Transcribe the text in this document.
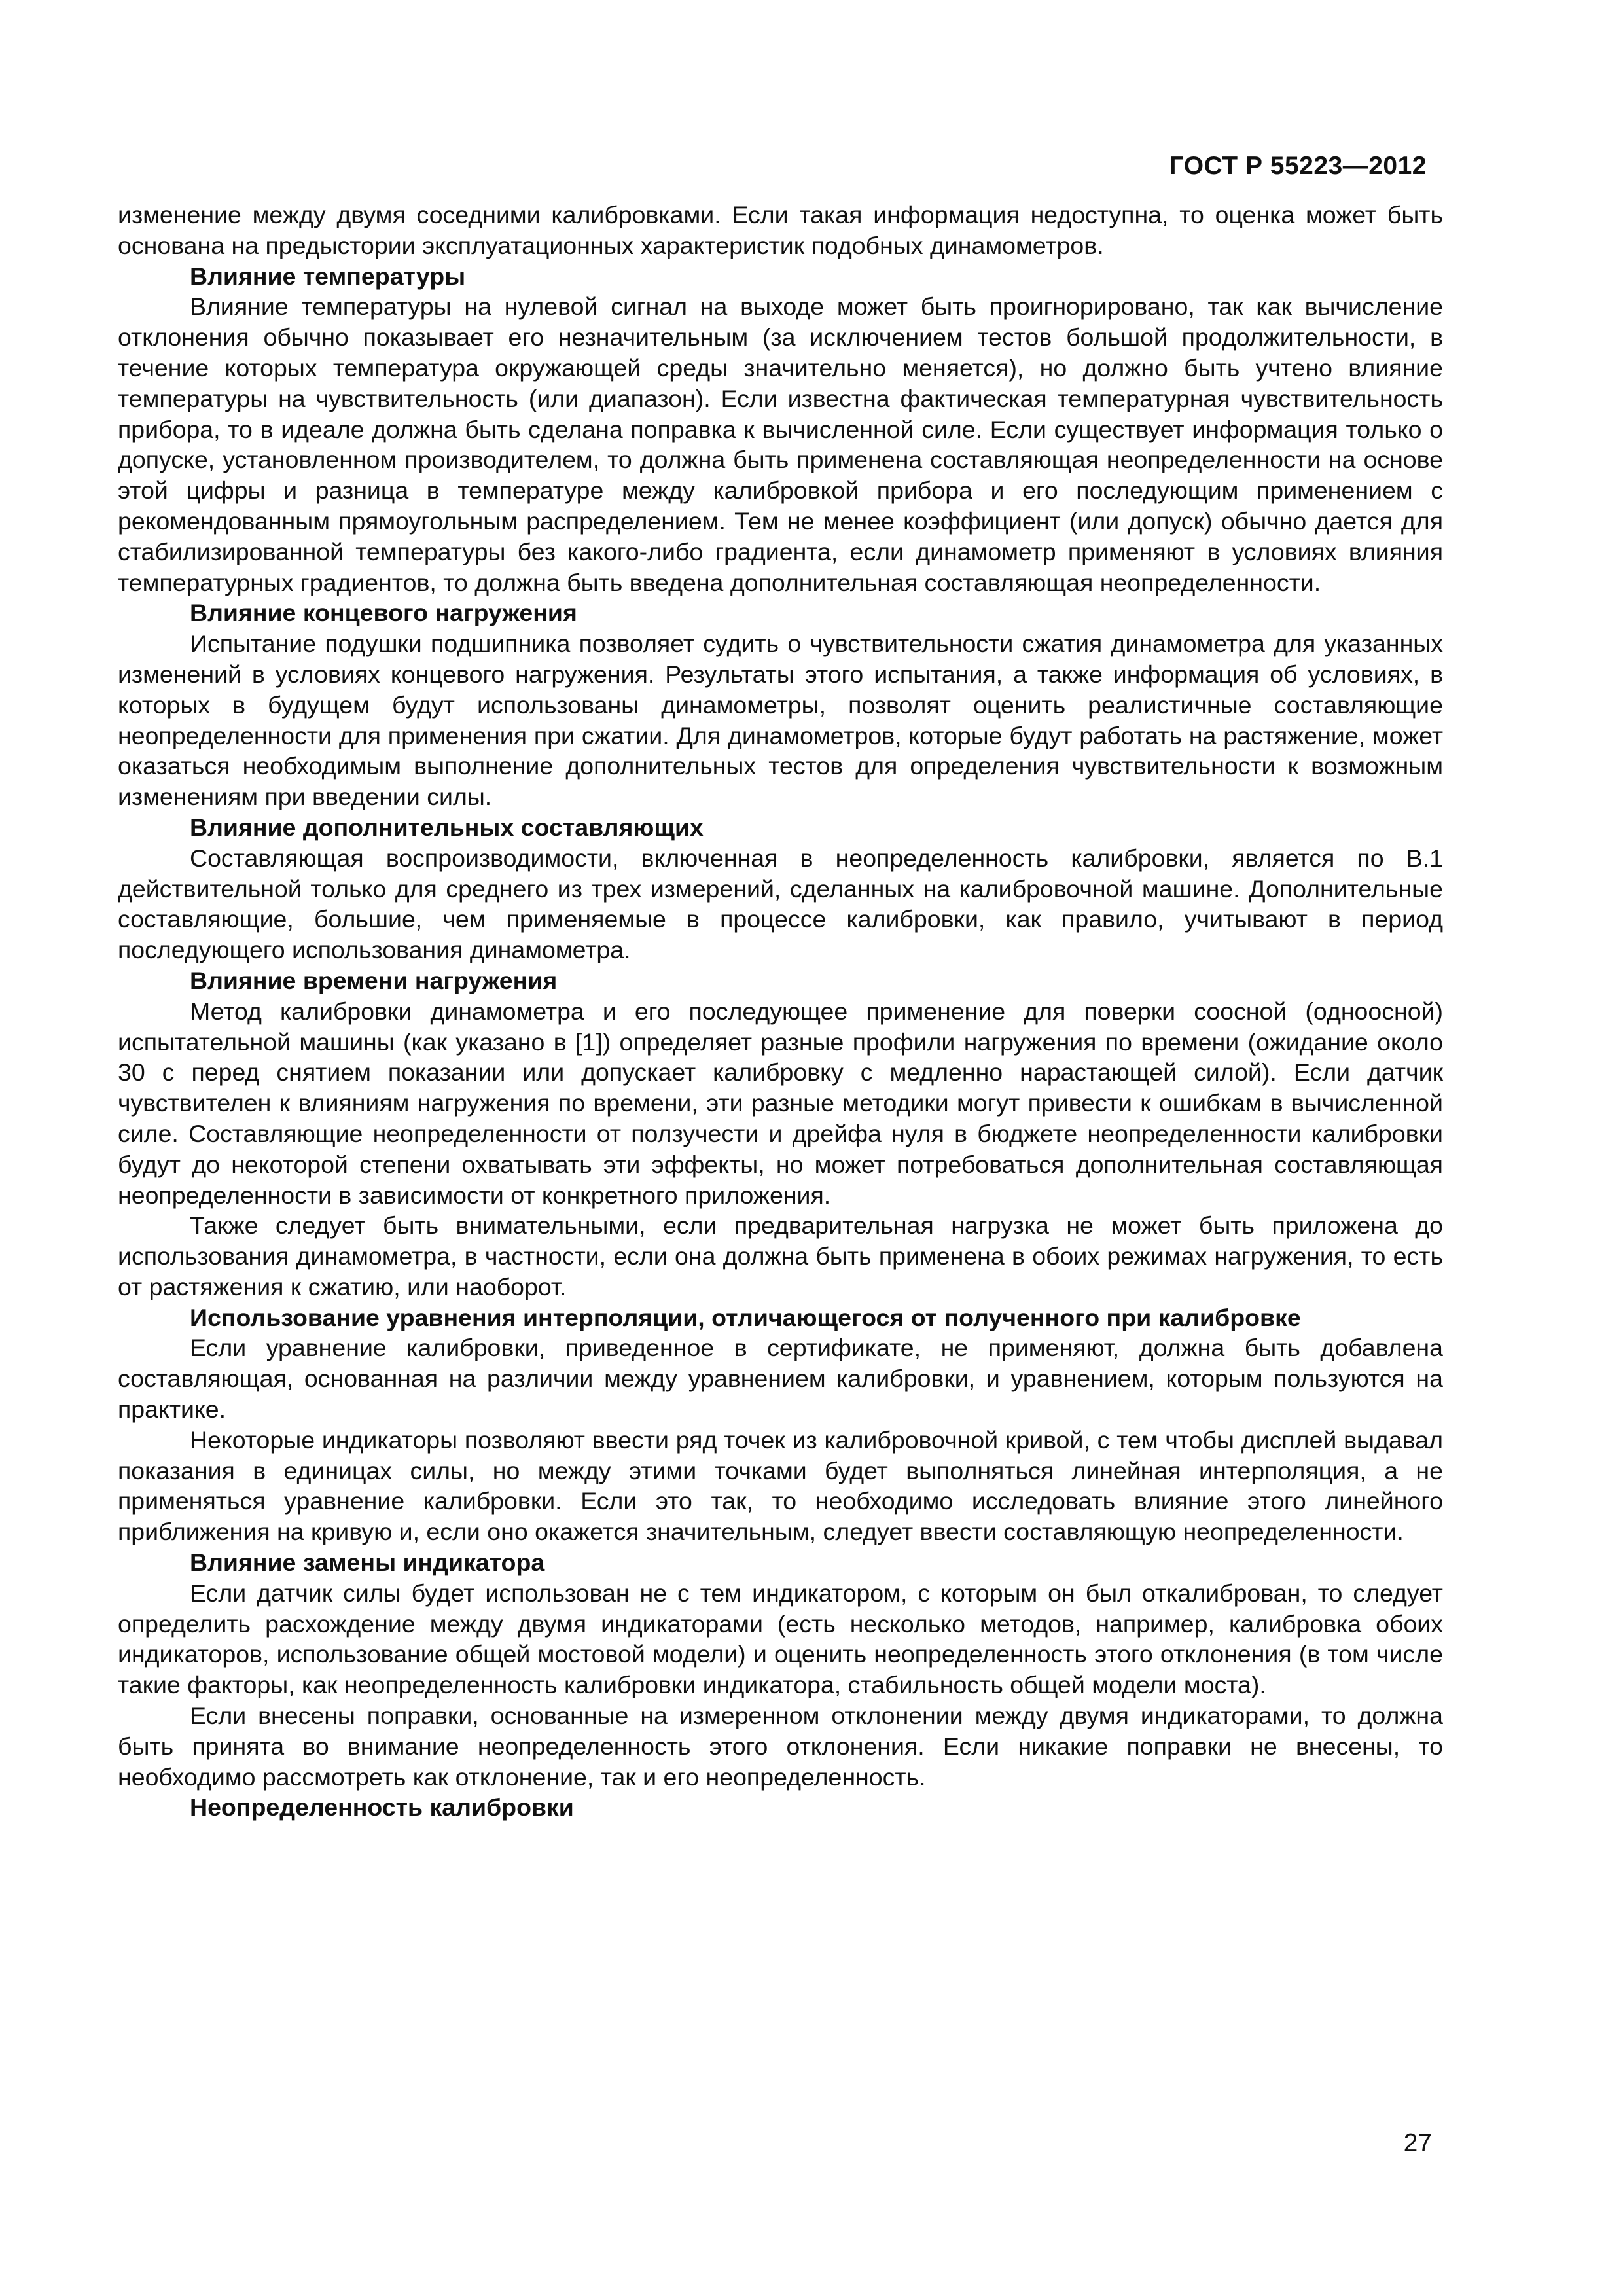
ГОСТ Р 55223—2012

изменение между двумя соседними калибровками. Если такая информация недоступна, то оценка может быть основана на предыстории эксплуатационных характеристик подобных динамометров.

Влияние температуры

Влияние температуры на нулевой сигнал на выходе может быть проигнорировано, так как вычисление отклонения обычно показывает его незначительным (за исключением тестов большой продолжительности, в течение которых температура окружающей среды значительно меняется), но должно быть учтено влияние температуры на чувствительность (или диапазон). Если известна фактическая температурная чувствительность прибора, то в идеале должна быть сделана поправка к вычисленной силе. Если существует информация только о допуске, установленном производителем, то должна быть применена составляющая неопределенности на основе этой цифры и разница в температуре между калибровкой прибора и его последующим применением с рекомендованным прямоугольным распределением. Тем не менее коэффициент (или допуск) обычно дается для стабилизированной температуры без какого-либо градиента, если динамометр применяют в условиях влияния температурных градиентов, то должна быть введена дополнительная составляющая неопределенности.

Влияние концевого нагружения

Испытание подушки подшипника позволяет судить о чувствительности сжатия динамометра для указанных изменений в условиях концевого нагружения. Результаты этого испытания, а также информация об условиях, в которых в будущем будут использованы динамометры, позволят оценить реалистичные составляющие неопределенности для применения при сжатии. Для динамометров, которые будут работать на растяжение, может оказаться необходимым выполнение дополнительных тестов для определения чувствительности к возможным изменениям при введении силы.

Влияние дополнительных составляющих

Составляющая воспроизводимости, включенная в неопределенность калибровки, является по В.1 действительной только для среднего из трех измерений, сделанных на калибровочной машине. Дополнительные составляющие, большие, чем применяемые в процессе калибровки, как правило, учитывают в период последующего использования динамометра.

Влияние времени нагружения

Метод калибровки динамометра и его последующее применение для поверки соосной (одноосной) испытательной машины (как указано в [1]) определяет разные профили нагружения по времени (ожидание около 30 с перед снятием показании или допускает калибровку с медленно нарастающей силой). Если датчик чувствителен к влияниям нагружения по времени, эти разные методики могут привести к ошибкам в вычисленной силе. Составляющие неопределенности от ползучести и дрейфа нуля в бюджете неопределенности калибровки будут до некоторой степени охватывать эти эффекты, но может потребоваться дополнительная составляющая неопределенности в зависимости от конкретного приложения.

Также следует быть внимательными, если предварительная нагрузка не может быть приложена до использования динамометра, в частности, если она должна быть применена в обоих режимах нагружения, то есть от растяжения к сжатию, или наоборот.

Использование уравнения интерполяции, отличающегося от полученного при калибровке

Если уравнение калибровки, приведенное в сертификате, не применяют, должна быть добавлена составляющая, основанная на различии между уравнением калибровки, и уравнением, которым пользуются на практике.

Некоторые индикаторы позволяют ввести ряд точек из калибровочной кривой, с тем чтобы дисплей выдавал показания в единицах силы, но между этими точками будет выполняться линейная интерполяция, а не применяться уравнение калибровки. Если это так, то необходимо исследовать влияние этого линейного приближения на кривую и, если оно окажется значительным, следует ввести составляющую неопределенности.

Влияние замены индикатора

Если датчик силы будет использован не с тем индикатором, с которым он был откалиброван, то следует определить расхождение между двумя индикаторами (есть несколько методов, например, калибровка обоих индикаторов, использование общей мостовой модели) и оценить неопределенность этого отклонения (в том числе такие факторы, как неопределенность калибровки индикатора, стабильность общей модели моста).

Если внесены поправки, основанные на измеренном отклонении между двумя индикаторами, то должна быть принята во внимание неопределенность этого отклонения. Если никакие поправки не внесены, то необходимо рассмотреть как отклонение, так и его неопределенность.

Неопределенность калибровки

27
